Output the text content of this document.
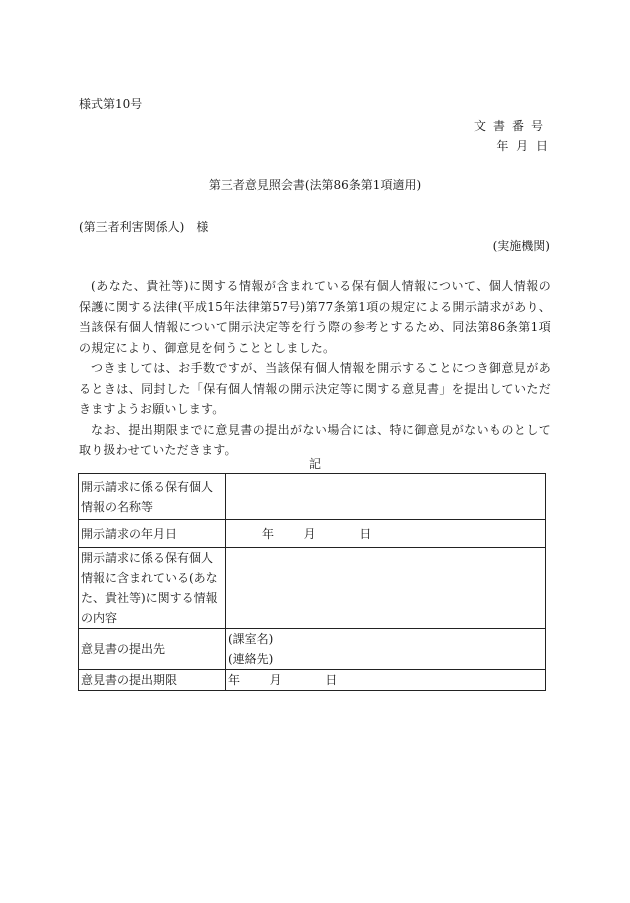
様式第10号
文書番号
年 月 日
第三者意見照会書(法第86条第1項適用)
(第三者利害関係人)　様
(実施機関)

(あなた、貴社等)に関する情報が含まれている保有個人情報について、個人情報の保護に関する法律(平成15年法律第57号)第77条第1項の規定による開示請求があり、当該保有個人情報について開示決定等を行う際の参考とするため、同法第86条第1項の規定により、御意見を伺うこととしました。

つきましては、お手数ですが、当該保有個人情報を開示することにつき御意見があるときは、同封した「保有個人情報の開示決定等に関する意見書」を提出していただきますようお願いします。

なお、提出期限までに意見書の提出がない場合には、特に御意見がないものとして取り扱わせていただきます。

記
開示請求に係る保有個人情報の名称等	
開示請求の年月日	年 月 日
開示請求に係る保有個人情報に含まれている(あなた、貴社等)に関する情報の内容	
意見書の提出先	(課室名)
(連絡先)

意見書の提出期限	年 月 日
